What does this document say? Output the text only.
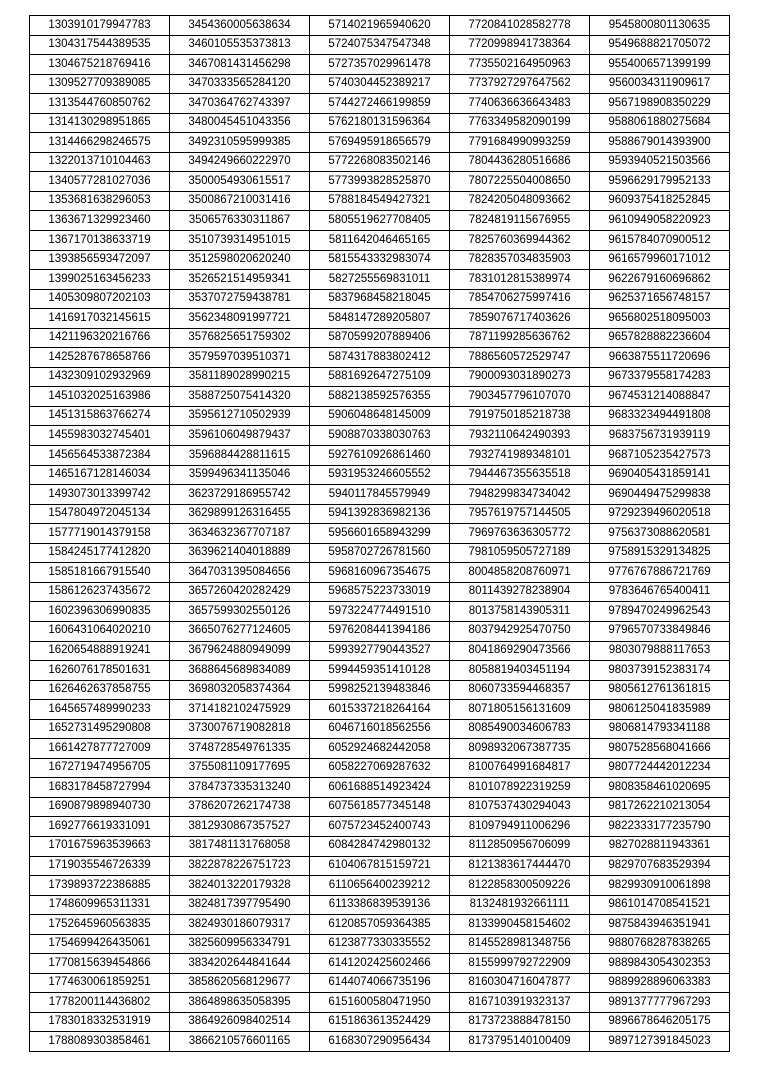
1303910179947783	3454360005638634	5714021965940620	7720841028582778	9545800801130635
1304317544389535	3460105535373813	5724075347547348	7720998941738364	9549688821705072
1304675218769416	3467081431456298	5727357029961478	7735502164950963	9554006571399199
1309527709389085	3470333565284120	5740304452389217	7737927297647562	9560034311909617
1313544760850762	3470364762743397	5744272466199859	7740636636643483	9567198908350229
1314130298951865	3480045451043356	5762180131596364	7763349582090199	9588061880275684
1314466298246575	3492310595999385	5769495918656579	7791684990993259	9588679014393900
1322013710104463	3494249660222970	5772268083502146	7804436280516686	9593940521503566
1340577281027036	3500054930615517	5773993828525870	7807225504008650	9596629179952133
1353681638296053	3500867210031416	5788184549427321	7824205048093662	9609375418252845
1363671329923460	3506576330311867	5805519627708405	7824819115676955	9610949058220923
1367170138633719	3510739314951015	5811642046465165	7825760369944362	9615784070900512
1393856593472097	3512598020620240	5815543332983074	7828357034835903	9616579960171012
1399025163456233	3526521514959341	5827255569831011	7831012815389974	9622679160696862
1405309807202103	3537072759438781	5837968458218045	7854706275997416	9625371656748157
1416917032145615	3562348091997721	5848147289205807	7859076717403626	9656802518095003
1421196320216766	3576825651759302	5870599207889406	7871199285636762	9657828882236604
1425287678658766	3579597039510371	5874317883802412	7886560572529747	9663875511720696
1432309102932969	3581189028990215	5881692647275109	7900093031890273	9673379558174283
1451032025163986	3588725075414320	5882138592576355	7903457796107070	9674531214088847
1451315863766274	3595612710502939	5906048648145009	7919750185218738	9683323494491808
1455983032745401	3596106049879437	5908870338030763	7932110642490393	9683756731939119
1456564533872384	3596884428811615	5927610926861460	7932741989348101	9687105235427573
1465167128146034	3599496341135046	5931953246605552	7944467355635518	9690405431859141
1493073013399742	3623729186955742	5940117845579949	7948299834734042	9690449475299838
1547804972045134	3629899126316455	5941392836982136	7957619757144505	9729239496020518
1577719014379158	3634632367707187	5956601658943299	7969763636305772	9756373088620581
1584245177412820	3639621404018889	5958702726781560	7981059505727189	9758915329134825
1585181667915540	3647031395084656	5968160967354675	8004858208760971	9776767886721769
1586126237435672	3657260420282429	5968575223733019	8011439278238904	9783646765400411
1602396306990835	3657599302550126	5973224774491510	8013758143905311	9789470249962543
1606431064020210	3665076277124605	5976208441394186	8037942925470750	9796570733849846
1620654888919241	3679624880949099	5993927790443527	8041869290473566	9803079888117653
1626076178501631	3688645689834089	5994459351410128	8058819403451194	9803739152383174
1626462637858755	3698032058374364	5998252139483846	8060733594468357	9805612761361815
1645657489990233	3714182102475929	6015337218264164	8071805156131609	9806125041835989
1652731495290808	3730076719082818	6046716018562556	8085490034606783	9806814793341188
1661427877727009	3748728549761335	6052924682442058	8098932067387735	9807528568041666
1672719474956705	3755081109177695	6058227069287632	8100764991684817	9807724442012234
1683178458727994	3784737335313240	6061688514923424	8101078922319259	9808358461020695
1690879898940730	3786207262174738	6075618577345148	8107537430294043	9817262210213054
1692776619331091	3812930867357527	6075723452400743	8109794911006296	9822333177235790
1701675963539663	3817481131768058	6084284742980132	8112850956706099	9827028811943361
1719035546726339	3822878226751723	6104067815159721	8121383617444470	9829707683529394
1739893722386885	3824013220179328	6110656400239212	8122858300509226	9829930910061898
1748609965311331	3824817397795490	6113386839539136	8132481932661111	9861014708541521
1752645960563835	3824930186079317	6120857059364385	8133990458154602	9875843946351941
1754699426435061	3825609956334791	6123877330335552	8145528981348756	9880768287838265
1770815639454866	3834202644841644	6141202425602466	8155999792722909	9889843054302353
1774630061859251	3858620568129677	6144074066735196	8160304716047877	9889928896063383
1778200114436802	3864898635058395	6151600580471950	8167103919323137	9891377777967293
1783018332531919	3864926098402514	6151863613524429	8173723888478150	9896678646205175
1788089303858461	3866210576601165	6168307290956434	8173795140100409	9897127391845023
